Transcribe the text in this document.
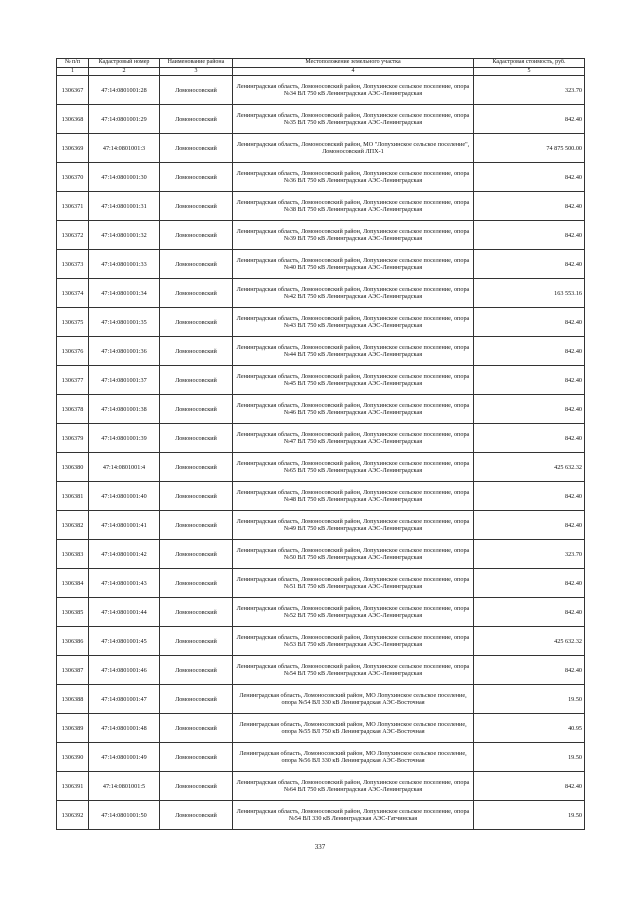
№ п/п	Кадастровый номер	Наименование района	Местоположение земельного участка	Кадастровая стоимость, руб.
1	2	3	4	5
1306367	47:14:0801001:28	Ломоносовский	Ленинградская область, Ломоносовский район, Лопухинское сельское поселение, опора №34 ВЛ 750 кВ Ленинградская АЭС-Ленинградская	323.70
1306368	47:14:0801001:29	Ломоносовский	Ленинградская область, Ломоносовский район, Лопухинское сельское поселение, опора №35 ВЛ 750 кВ Ленинградская АЭС-Ленинградская	842.40
1306369	47:14:0801001:3	Ломоносовский	Ленинградская область, Ломоносовский район, МО "Лопухинское сельское поселение", Ломоносовский ЛПХ-1	74 875 500.00
1306370	47:14:0801001:30	Ломоносовский	Ленинградская область, Ломоносовский район, Лопухинское сельское поселение, опора №36 ВЛ 750 кВ Ленинградская АЭС-Ленинградская	842.40
1306371	47:14:0801001:31	Ломоносовский	Ленинградская область, Ломоносовский район, Лопухинское сельское поселение, опора №38 ВЛ 750 кВ Ленинградская АЭС-Ленинградская	842.40
1306372	47:14:0801001:32	Ломоносовский	Ленинградская область, Ломоносовский район, Лопухинское сельское поселение, опора №39 ВЛ 750 кВ Ленинградская АЭС-Ленинградская	842.40
1306373	47:14:0801001:33	Ломоносовский	Ленинградская область, Ломоносовский район, Лопухинское сельское поселение, опора №40 ВЛ 750 кВ Ленинградская АЭС-Ленинградская	842.40
1306374	47:14:0801001:34	Ломоносовский	Ленинградская область, Ломоносовский район, Лопухинское сельское поселение, опора №42 ВЛ 750 кВ Ленинградская АЭС-Ленинградская	163 553.16
1306375	47:14:0801001:35	Ломоносовский	Ленинградская область, Ломоносовский район, Лопухинское сельское поселение, опора №43 ВЛ 750 кВ Ленинградская АЭС-Ленинградская	842.40
1306376	47:14:0801001:36	Ломоносовский	Ленинградская область, Ломоносовский район, Лопухинское сельское поселение, опора №44 ВЛ 750 кВ Ленинградская АЭС-Ленинградская	842.40
1306377	47:14:0801001:37	Ломоносовский	Ленинградская область, Ломоносовский район, Лопухинское сельское поселение, опора №45 ВЛ 750 кВ Ленинградская АЭС-Ленинградская	842.40
1306378	47:14:0801001:38	Ломоносовский	Ленинградская область, Ломоносовский район, Лопухинское сельское поселение, опора №46 ВЛ 750 кВ Ленинградская АЭС-Ленинградская	842.40
1306379	47:14:0801001:39	Ломоносовский	Ленинградская область, Ломоносовский район, Лопухинское сельское поселение, опора №47 ВЛ 750 кВ Ленинградская АЭС-Ленинградская	842.40
1306380	47:14:0801001:4	Ломоносовский	Ленинградская область, Ломоносовский район, Лопухинское сельское поселение, опора №65 ВЛ 750 кВ Ленинградская АЭС-Ленинградская	425 632.32
1306381	47:14:0801001:40	Ломоносовский	Ленинградская область, Ломоносовский район, Лопухинское сельское поселение, опора №48 ВЛ 750 кВ Ленинградская АЭС-Ленинградская	842.40
1306382	47:14:0801001:41	Ломоносовский	Ленинградская область, Ломоносовский район, Лопухинское сельское поселение, опора №49 ВЛ 750 кВ Ленинградская АЭС-Ленинградская	842.40
1306383	47:14:0801001:42	Ломоносовский	Ленинградская область, Ломоносовский район, Лопухинское сельское поселение, опора №50 ВЛ 750 кВ Ленинградская АЭС-Ленинградская	323.70
1306384	47:14:0801001:43	Ломоносовский	Ленинградская область, Ломоносовский район, Лопухинское сельское поселение, опора №51 ВЛ 750 кВ Ленинградская АЭС-Ленинградская	842.40
1306385	47:14:0801001:44	Ломоносовский	Ленинградская область, Ломоносовский район, Лопухинское сельское поселение, опора №52 ВЛ 750 кВ Ленинградская АЭС-Ленинградская	842.40
1306386	47:14:0801001:45	Ломоносовский	Ленинградская область, Ломоносовский район, Лопухинское сельское поселение, опора №53 ВЛ 750 кВ Ленинградская АЭС-Ленинградская	425 632.32
1306387	47:14:0801001:46	Ломоносовский	Ленинградская область, Ломоносовский район, Лопухинское сельское поселение, опора №54 ВЛ 750 кВ Ленинградская АЭС-Ленинградская	842.40
1306388	47:14:0801001:47	Ломоносовский	Ленинградская область, Ломоносовский район, МО Лопухинское сельское поселение, опора №54 ВЛ 330 кВ Ленинградская АЭС-Восточная	19.50
1306389	47:14:0801001:48	Ломоносовский	Ленинградская область, Ломоносовский район, МО Лопухинское сельское поселение, опора №55 ВЛ 750 кВ Ленинградская АЭС-Восточная	40.95
1306390	47:14:0801001:49	Ломоносовский	Ленинградская область, Ломоносовский район, МО Лопухинское сельское поселение, опора №56 ВЛ 330 кВ Ленинградская АЭС-Восточная	19.50
1306391	47:14:0801001:5	Ломоносовский	Ленинградская область, Ломоносовский район, Лопухинское сельское поселение, опора №64 ВЛ 750 кВ Ленинградская АЭС-Ленинградская	842.40
1306392	47:14:0801001:50	Ломоносовский	Ленинградская область, Ломоносовский район, Лопухинское сельское поселение, опора №54 ВЛ 330 кВ Ленинградская АЭС-Гатчинская	19.50
337
